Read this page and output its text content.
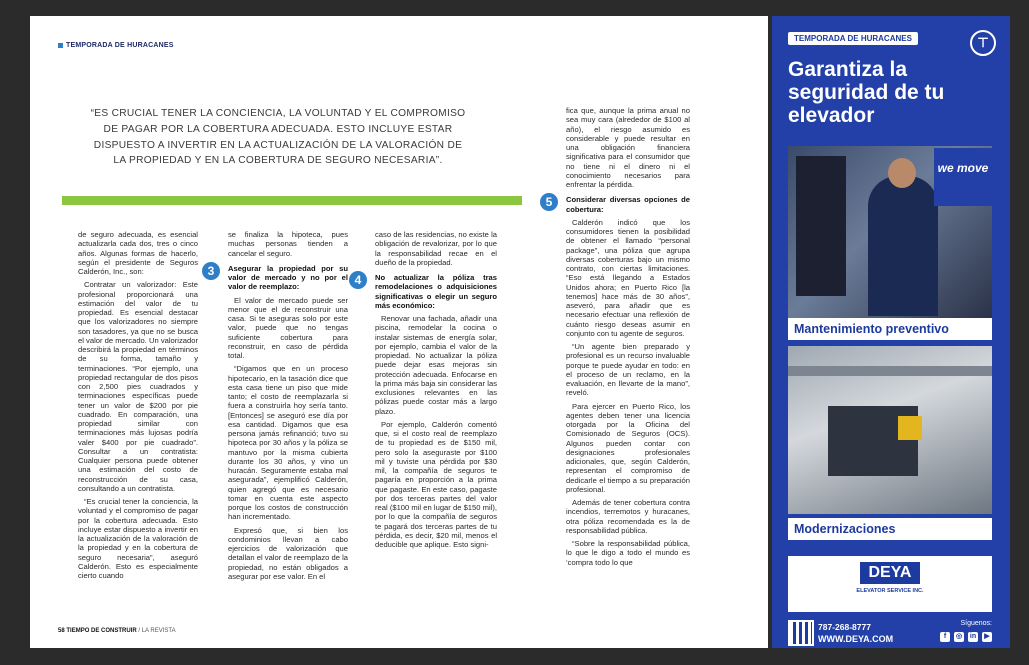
TEMPORADA DE HURACANES
“ES CRUCIAL TENER LA CONCIENCIA, LA VOLUNTAD Y EL COMPROMISO DE PAGAR POR LA COBERTURA ADECUADA. ESTO INCLUYE ESTAR DISPUESTO A INVERTIR EN LA ACTUALIZACIÓN DE LA VALORACIÓN DE LA PROPIEDAD Y EN LA COBERTURA DE SEGURO NECESARIA”.

de seguro adecuada, es esencial actualizarla cada dos, tres o cinco años. Algunas formas de hacerlo, según el presidente de Seguros Calderón, Inc., son:

Contratar un valorizador: Este profesional proporcionará una estimación del valor de tu propiedad. Es esencial destacar que los valorizadores no siempre son tasadores, ya que no se busca el valor de mercado. Un valorizador describirá la propiedad en términos de su forma, tamaño y terminaciones. “Por ejemplo, una propiedad rectangular de dos pisos con 2,500 pies cuadrados y terminaciones específicas puede tener un valor de $200 por pie cuadrado. En comparación, una propiedad similar con terminaciones más lujosas podría valer $400 por pie cuadrado”. Consultar a un contratista: Cualquier persona puede obtener una estimación del costo de reconstrucción de su casa, consultando a un contratista.

“Es crucial tener la conciencia, la voluntad y el compromiso de pagar por la cobertura adecuada. Esto incluye estar dispuesto a invertir en la actualización de la valoración de la propiedad y en la cobertura de seguro necesaria”, aseguró Calderón. Esto es especialmente cierto cuando

se finaliza la hipoteca, pues muchas personas tienden a cancelar el seguro.

3	Asegurar la propiedad por su valor de mercado y no por el valor de reemplazo:

El valor de mercado puede ser menor que el de reconstruir una casa. Si te aseguras solo por este valor, puede que no tengas suficiente cobertura para reconstruir, en caso de pérdida total.

“Digamos que en un proceso hipotecario, en la tasación dice que esta casa tiene un piso que mide tanto; el costo de reemplazarla si fuera a construirla hoy sería tanto. [Entonces] se aseguró ese día por esa cantidad. Digamos que esa persona jamás refinanció; tuvo su hipoteca por 30 años y la póliza se mantuvo por la misma cubierta durante los 30 años, y vino un huracán. Seguramente estaba mal asegurada”, ejemplificó Calderón, quien agregó que es necesario tomar en cuenta este aspecto porque los costos de construcción han incrementado.

Expresó que, si bien los condominios llevan a cabo ejercicios de valorización que detallan el valor de reemplazo de la propiedad, no están obligados a asegurar por ese valor. En el

caso de las residencias, no existe la obligación de revalorizar, por lo que la responsabilidad recae en el dueño de la propiedad.

4	No actualizar la póliza tras remodelaciones o adquisiciones significativas o elegir un seguro más económico:

Renovar una fachada, añadir una piscina, remodelar la cocina o instalar sistemas de energía solar, por ejemplo, cambia el valor de la propiedad. No actualizar la póliza puede dejar esas mejoras sin protección adecuada. Enfocarse en la prima más baja sin considerar las exclusiones relevantes en las pólizas puede costar más a largo plazo.

Por ejemplo, Calderón comentó que, si el costo real de reemplazo de tu propiedad es de $150 mil, pero solo la aseguraste por $100 mil y tuviste una pérdida por $30 mil, la compañía de seguros te pagaría en proporción a la prima que pagaste. En este caso, pagaste por dos terceras partes del valor real ($100 mil en lugar de $150 mil), por lo que la compañía de seguros te pagará dos terceras partes de tu pérdida, es decir, $20 mil, menos el deducible que aplique. Esto signi-

fica que, aunque la prima anual no sea muy cara (alrededor de $100 al año), el riesgo asumido es considerable y puede resultar en una obligación financiera significativa para el consumidor que no tiene ni el dinero ni el conocimiento necesarios para enfrentar la pérdida.

5	Considerar diversas opciones de cobertura:

Calderón indicó que los consumidores tienen la posibilidad de obtener el llamado “personal package”, una póliza que agrupa diversas coberturas bajo un mismo contrato, con ciertas limitaciones. “Eso está llegando a Estados Unidos ahora; en Puerto Rico [la tenemos] hace más de 30 años”, aseveró, para añadir que es necesario efectuar una reflexión de cuánto riesgo deseas asumir en conjunto con tu agente de seguros.

“Un agente bien preparado y profesional es un recurso invaluable porque te puede ayudar en todo: en el proceso de un reclamo, en la evaluación, en llevarte de la mano”, reveló.

Para ejercer en Puerto Rico, los agentes deben tener una licencia otorgada por la Oficina del Comisionado de Seguros (OCS). Algunos pueden contar con designaciones profesionales adicionales, que, según Calderón, representan el compromiso de dedicarle el tiempo a su preparación profesional.

Además de tener cobertura contra incendios, terremotos y huracanes, otra póliza recomendada es la de responsabilidad pública.

“Sobre la responsabilidad pública, lo que le digo a todo el mundo es ‘compra todo lo que

58 TIEMPO DE CONSTRUIR / LA REVISTA
TEMPORADA DE HURACANES	⊤
Garantiza la seguridad de tu elevador
we move
Mantenimiento preventivo
Modernizaciones
DEYA
ELEVATOR SERVICE INC.
787-268-8777
WWW.DEYA.COM
Síguenos:
f	◎ in	▶
